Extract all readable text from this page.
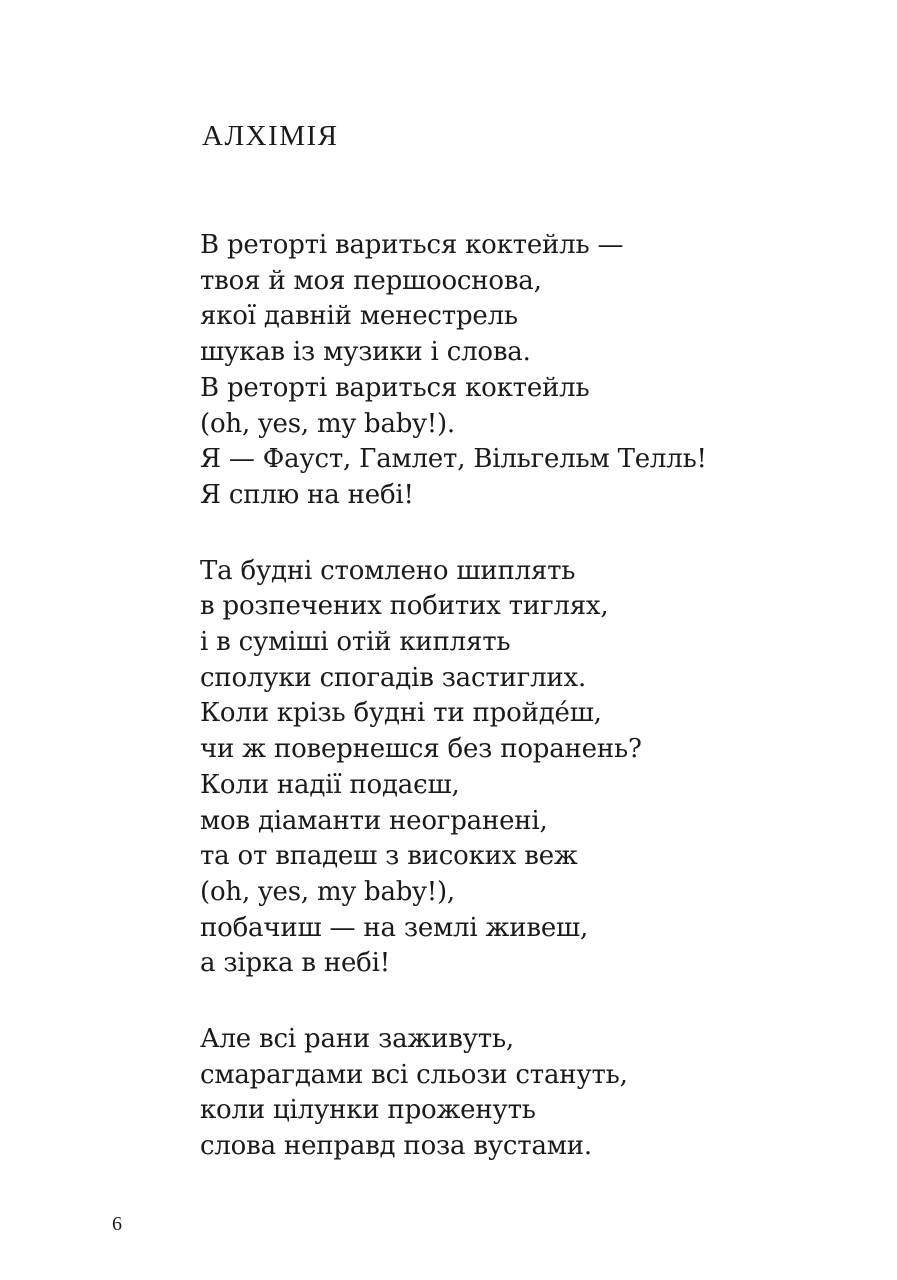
АЛХІМІЯ
В реторті вариться коктейль —
твоя й моя першооснова,
якої давній менестрель
шукав із музики і слова.
В реторті вариться коктейль
(oh, yes, my baby!).
Я — Фауст, Гамлет, Вільгельм Телль!
Я сплю на небі!
Та будні стомлено шиплять
в розпечених побитих тиглях,
і в суміші отій киплять
сполуки спогадів застиглих.
Коли крізь будні ти пройде́ш,
чи ж повернешся без поранень?
Коли надії подаєш,
мов діаманти неогранені,
та от впадеш з високих веж
(oh, yes, my baby!),
побачиш — на землі живеш,
а зірка в небі!
Але всі рани заживуть,
смарагдами всі сльози стануть,
коли цілунки проженуть
слова неправд поза вустами.
6
